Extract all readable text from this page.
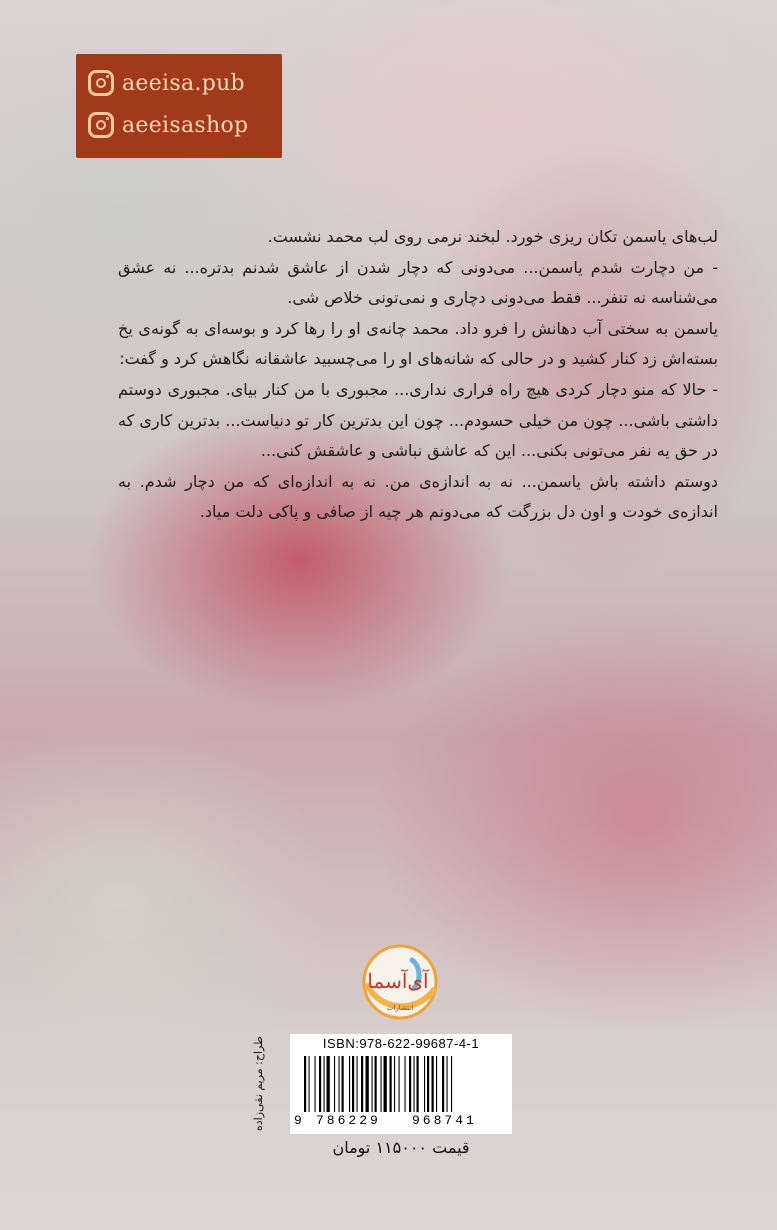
aeeisa.pub
aeeisashop

لب‌های یاسمن تکان ریزی خورد. لبخند نرمی روی لب محمد نشست.

- من دچارت شدم یاسمن... می‌دونی که دچار شدن از عاشق شدنم بدتره... نه عشق می‌شناسه نه تنفر... فقط می‌دونی دچاری و نمی‌تونی خلاص شی.

یاسمن به سختی آب دهانش را فرو داد. محمد چانه‌ی او را رها کرد و بوسه‌ای به گونه‌ی یخ بسته‌اش زد کنار کشید و در حالی که شانه‌های او را می‌چسبید عاشقانه نگاهش کرد و گفت:

- حالا که منو دچار کردی هیچ راه فراری نداری... مجبوری با من کنار بیای. مجبوری دوستم داشتی باشی... چون من خیلی حسودم... چون این بدترین کار تو دنیاست... بدترین کاری که در حق یه نفر می‌تونی بکنی... این که عاشق نباشی و عاشقش کنی...

دوستم داشته باش یاسمن... نه به اندازه‌ی من. نه به اندازه‌ای که من دچار شدم. به اندازه‌ی خودت و اون دل بزرگت که می‌دونم هر چیه از صافی و پاکی دلت میاد.

آی‌آسما
انتشارات
طراح: مریم نقی‌زاده	ISBN:978-622-99687-4-1
9 786229 968741
قیمت ۱۱۵۰۰۰ تومان
